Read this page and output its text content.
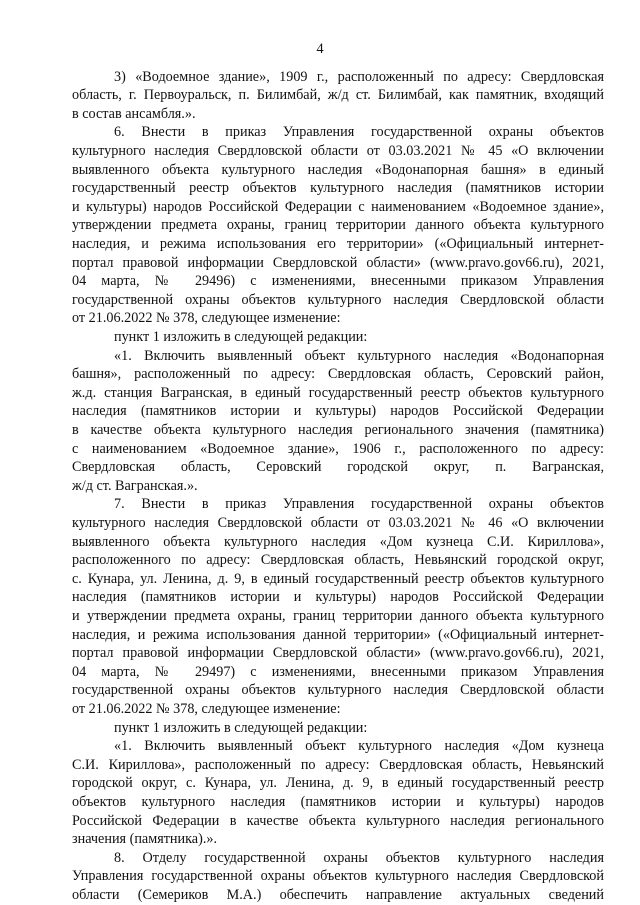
4
3) «Водоемное здание», 1909 г., расположенный по адресу: Свердловская
область, г. Первоуральск, п. Билимбай, ж/д ст. Билимбай, как памятник, входящий
в состав ансамбля.».
6. Внести в приказ Управления государственной охраны объектов
культурного наследия Свердловской области от 03.03.2021 № 45 «О включении
выявленного объекта культурного наследия «Водонапорная башня» в единый
государственный реестр объектов культурного наследия (памятников истории
и культуры) народов Российской Федерации с наименованием «Водоемное здание»,
утверждении предмета охраны, границ территории данного объекта культурного
наследия, и режима использования его территории» («Официальный интернет-
портал правовой информации Свердловской области» (www.pravo.gov66.ru), 2021,
04 марта, № 29496) с изменениями, внесенными приказом Управления
государственной охраны объектов культурного наследия Свердловской области
от 21.06.2022 № 378, следующее изменение:
пункт 1 изложить в следующей редакции:
«1. Включить выявленный объект культурного наследия «Водонапорная
башня», расположенный по адресу: Свердловская область, Серовский район,
ж.д. станция Вагранская, в единый государственный реестр объектов культурного
наследия (памятников истории и культуры) народов Российской Федерации
в качестве объекта культурного наследия регионального значения (памятника)
с наименованием «Водоемное здание», 1906 г., расположенного по адресу:
Свердловская область, Серовский городской округ, п. Вагранская,
ж/д ст. Вагранская.».
7. Внести в приказ Управления государственной охраны объектов
культурного наследия Свердловской области от 03.03.2021 № 46 «О включении
выявленного объекта культурного наследия «Дом кузнеца С.И. Кириллова»,
расположенного по адресу: Свердловская область, Невьянский городской округ,
с. Кунара, ул. Ленина, д. 9, в единый государственный реестр объектов культурного
наследия (памятников истории и культуры) народов Российской Федерации
и утверждении предмета охраны, границ территории данного объекта культурного
наследия, и режима использования данной территории» («Официальный интернет-
портал правовой информации Свердловской области» (www.pravo.gov66.ru), 2021,
04 марта, № 29497) с изменениями, внесенными приказом Управления
государственной охраны объектов культурного наследия Свердловской области
от 21.06.2022 № 378, следующее изменение:
пункт 1 изложить в следующей редакции:
«1. Включить выявленный объект культурного наследия «Дом кузнеца
С.И. Кириллова», расположенный по адресу: Свердловская область, Невьянский
городской округ, с. Кунара, ул. Ленина, д. 9, в единый государственный реестр
объектов культурного наследия (памятников истории и культуры) народов
Российской Федерации в качестве объекта культурного наследия регионального
значения (памятника).».
8. Отделу государственной охраны объектов культурного наследия
Управления государственной охраны объектов культурного наследия Свердловской
области (Семериков М.А.) обеспечить направление актуальных сведений
